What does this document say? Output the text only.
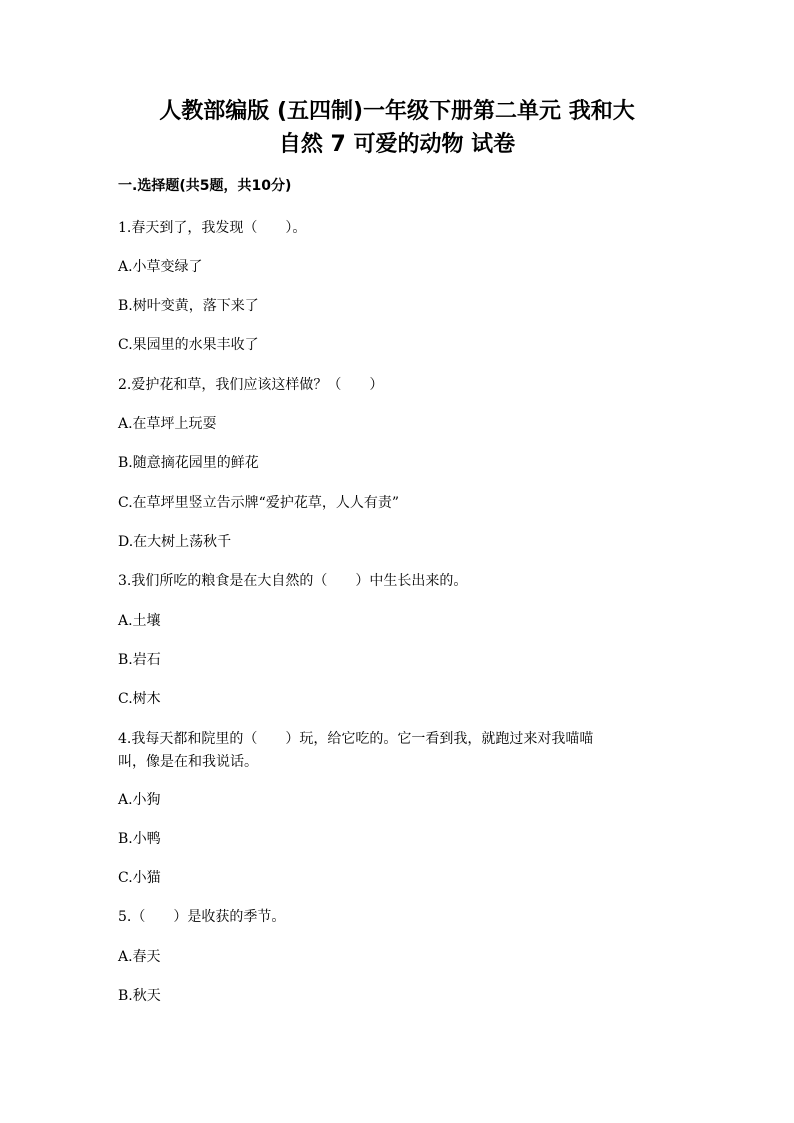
人教部编版 (五四制)一年级下册第二单元 我和大
自然 7 可爱的动物 试卷

一.选择题(共5题，共10分)

1.春天到了，我发现（　　）。

A.小草变绿了

B.树叶变黄，落下来了

C.果园里的水果丰收了

2.爱护花和草，我们应该这样做？（　　）

A.在草坪上玩耍

B.随意摘花园里的鲜花

C.在草坪里竖立告示牌“爱护花草，人人有责”

D.在大树上荡秋千

3.我们所吃的粮食是在大自然的（　　）中生长出来的。

A.土壤

B.岩石

C.树木

4.我每天都和院里的（　　）玩，给它吃的。它一看到我，就跑过来对我喵喵

叫，像是在和我说话。

A.小狗

B.小鸭

C.小猫

5.（　　）是收获的季节。

A.春天

B.秋天
